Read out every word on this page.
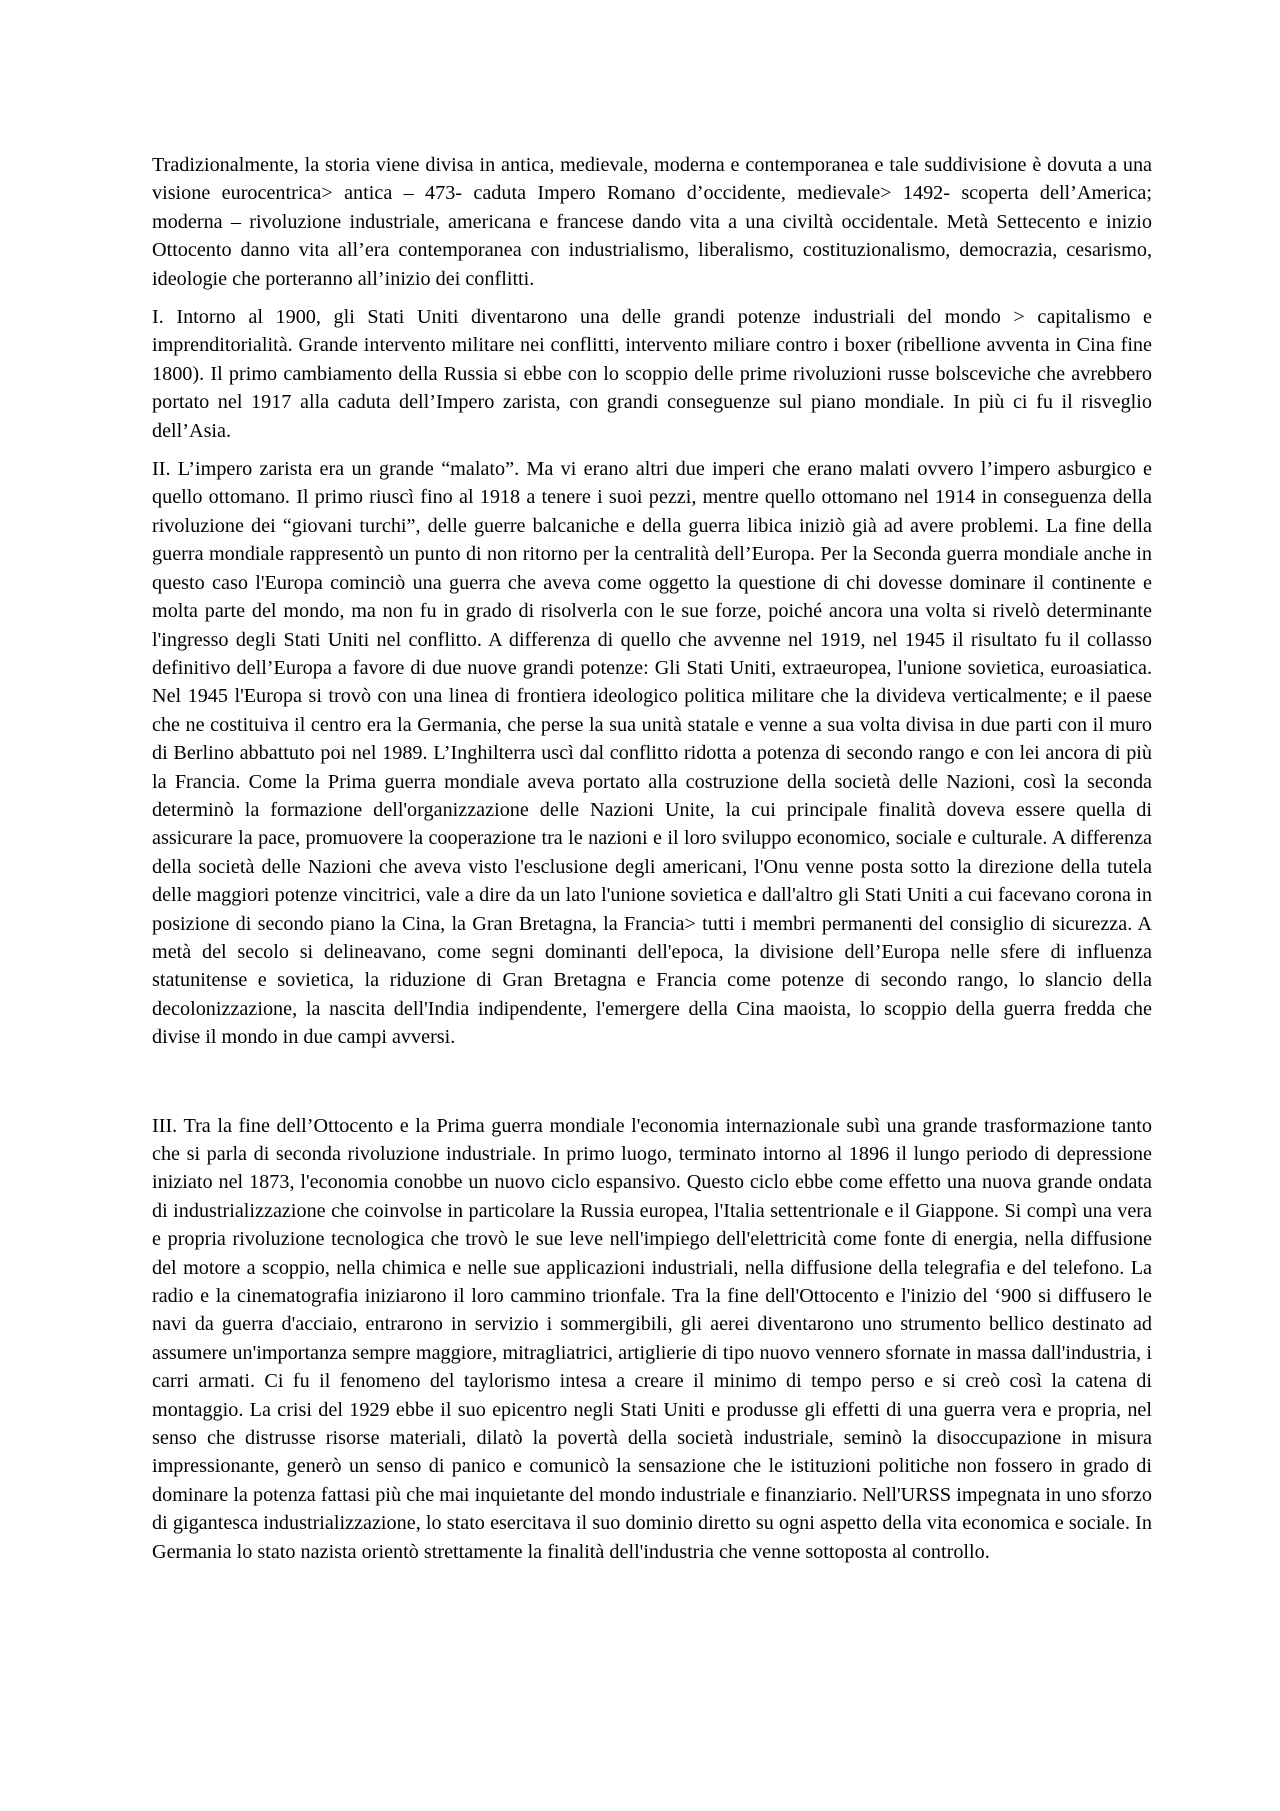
Tradizionalmente, la storia viene divisa in antica, medievale, moderna e contemporanea e tale suddivisione è dovuta a una visione eurocentrica> antica – 473- caduta Impero Romano d’occidente, medievale> 1492- scoperta dell’America; moderna – rivoluzione industriale, americana e francese dando vita a una civiltà occidentale. Metà Settecento e inizio Ottocento danno vita all’era contemporanea con industrialismo, liberalismo, costituzionalismo, democrazia, cesarismo, ideologie che porteranno all’inizio dei conflitti.

I. Intorno al 1900, gli Stati Uniti diventarono una delle grandi potenze industriali del mondo > capitalismo e imprenditorialità. Grande intervento militare nei conflitti, intervento miliare contro i boxer (ribellione avventa in Cina fine 1800). Il primo cambiamento della Russia si ebbe con lo scoppio delle prime rivoluzioni russe bolsceviche che avrebbero portato nel 1917 alla caduta dell’Impero zarista, con grandi conseguenze sul piano mondiale. In più ci fu il risveglio dell’Asia.

II. L’impero zarista era un grande “malato”. Ma vi erano altri due imperi che erano malati ovvero l’impero asburgico e quello ottomano. Il primo riuscì fino al 1918 a tenere i suoi pezzi, mentre quello ottomano nel 1914 in conseguenza della rivoluzione dei “giovani turchi”, delle guerre balcaniche e della guerra libica iniziò già ad avere problemi. La fine della guerra mondiale rappresentò un punto di non ritorno per la centralità dell’Europa. Per la Seconda guerra mondiale anche in questo caso l'Europa cominciò una guerra che aveva come oggetto la questione di chi dovesse dominare il continente e molta parte del mondo, ma non fu in grado di risolverla con le sue forze, poiché ancora una volta si rivelò determinante l'ingresso degli Stati Uniti nel conflitto. A differenza di quello che avvenne nel 1919, nel 1945 il risultato fu il collasso definitivo dell’Europa a favore di due nuove grandi potenze: Gli Stati Uniti, extraeuropea, l'unione sovietica, euroasiatica. Nel 1945 l'Europa si trovò con una linea di frontiera ideologico politica militare che la divideva verticalmente; e il paese che ne costituiva il centro era la Germania, che perse la sua unità statale e venne a sua volta divisa in due parti con il muro di Berlino abbattuto poi nel 1989. L’Inghilterra uscì dal conflitto ridotta a potenza di secondo rango e con lei ancora di più la Francia. Come la Prima guerra mondiale aveva portato alla costruzione della società delle Nazioni, così la seconda determinò la formazione dell'organizzazione delle Nazioni Unite, la cui principale finalità doveva essere quella di assicurare la pace, promuovere la cooperazione tra le nazioni e il loro sviluppo economico, sociale e culturale. A differenza della società delle Nazioni che aveva visto l'esclusione degli americani, l'Onu venne posta sotto la direzione della tutela delle maggiori potenze vincitrici, vale a dire da un lato l'unione sovietica e dall'altro gli Stati Uniti a cui facevano corona in posizione di secondo piano la Cina, la Gran Bretagna, la Francia> tutti i membri permanenti del consiglio di sicurezza. A metà del secolo si delineavano, come segni dominanti dell'epoca, la divisione dell’Europa nelle sfere di influenza statunitense e sovietica, la riduzione di Gran Bretagna e Francia come potenze di secondo rango, lo slancio della decolonizzazione, la nascita dell'India indipendente, l'emergere della Cina maoista, lo scoppio della guerra fredda che divise il mondo in due campi avversi.

III. Tra la fine dell’Ottocento e la Prima guerra mondiale l'economia internazionale subì una grande trasformazione tanto che si parla di seconda rivoluzione industriale. In primo luogo, terminato intorno al 1896 il lungo periodo di depressione iniziato nel 1873, l'economia conobbe un nuovo ciclo espansivo. Questo ciclo ebbe come effetto una nuova grande ondata di industrializzazione che coinvolse in particolare la Russia europea, l'Italia settentrionale e il Giappone. Si compì una vera e propria rivoluzione tecnologica che trovò le sue leve nell'impiego dell'elettricità come fonte di energia, nella diffusione del motore a scoppio, nella chimica e nelle sue applicazioni industriali, nella diffusione della telegrafia e del telefono. La radio e la cinematografia iniziarono il loro cammino trionfale. Tra la fine dell'Ottocento e l'inizio del ‘900 si diffusero le navi da guerra d'acciaio, entrarono in servizio i sommergibili, gli aerei diventarono uno strumento bellico destinato ad assumere un'importanza sempre maggiore, mitragliatrici, artiglierie di tipo nuovo vennero sfornate in massa dall'industria, i carri armati. Ci fu il fenomeno del taylorismo intesa a creare il minimo di tempo perso e si creò così la catena di montaggio. La crisi del 1929 ebbe il suo epicentro negli Stati Uniti e produsse gli effetti di una guerra vera e propria, nel senso che distrusse risorse materiali, dilatò la povertà della società industriale, seminò la disoccupazione in misura impressionante, generò un senso di panico e comunicò la sensazione che le istituzioni politiche non fossero in grado di dominare la potenza fattasi più che mai inquietante del mondo industriale e finanziario. Nell'URSS impegnata in uno sforzo di gigantesca industrializzazione, lo stato esercitava il suo dominio diretto su ogni aspetto della vita economica e sociale. In Germania lo stato nazista orientò strettamente la finalità dell'industria che venne sottoposta al controllo.
